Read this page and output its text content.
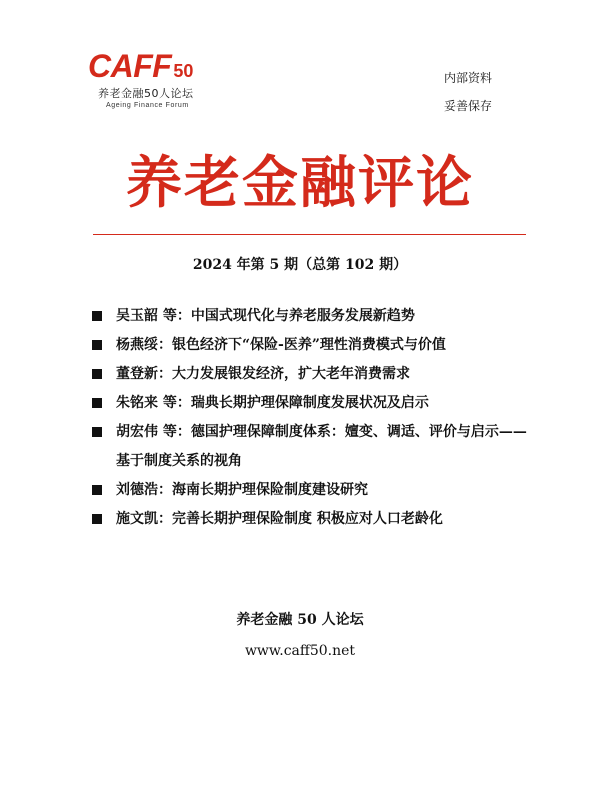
CAFF 50
养老金融50人论坛
Ageing Finance Forum
内部资料
妥善保存
养老金融评论
2024 年第 5 期（总第 102 期）
吴玉韶 等：中国式现代化与养老服务发展新趋势
杨燕绥：银色经济下“保险-医养”理性消费模式与价值
董登新：大力发展银发经济，扩大老年消费需求
朱铭来 等：瑞典长期护理保障制度发展状况及启示
胡宏伟 等：德国护理保障制度体系：嬗变、调适、评价与启示——基于制度关系的视角
刘德浩：海南长期护理保险制度建设研究
施文凯：完善长期护理保险制度 积极应对人口老龄化
养老金融 50 人论坛
www.caff50.net
